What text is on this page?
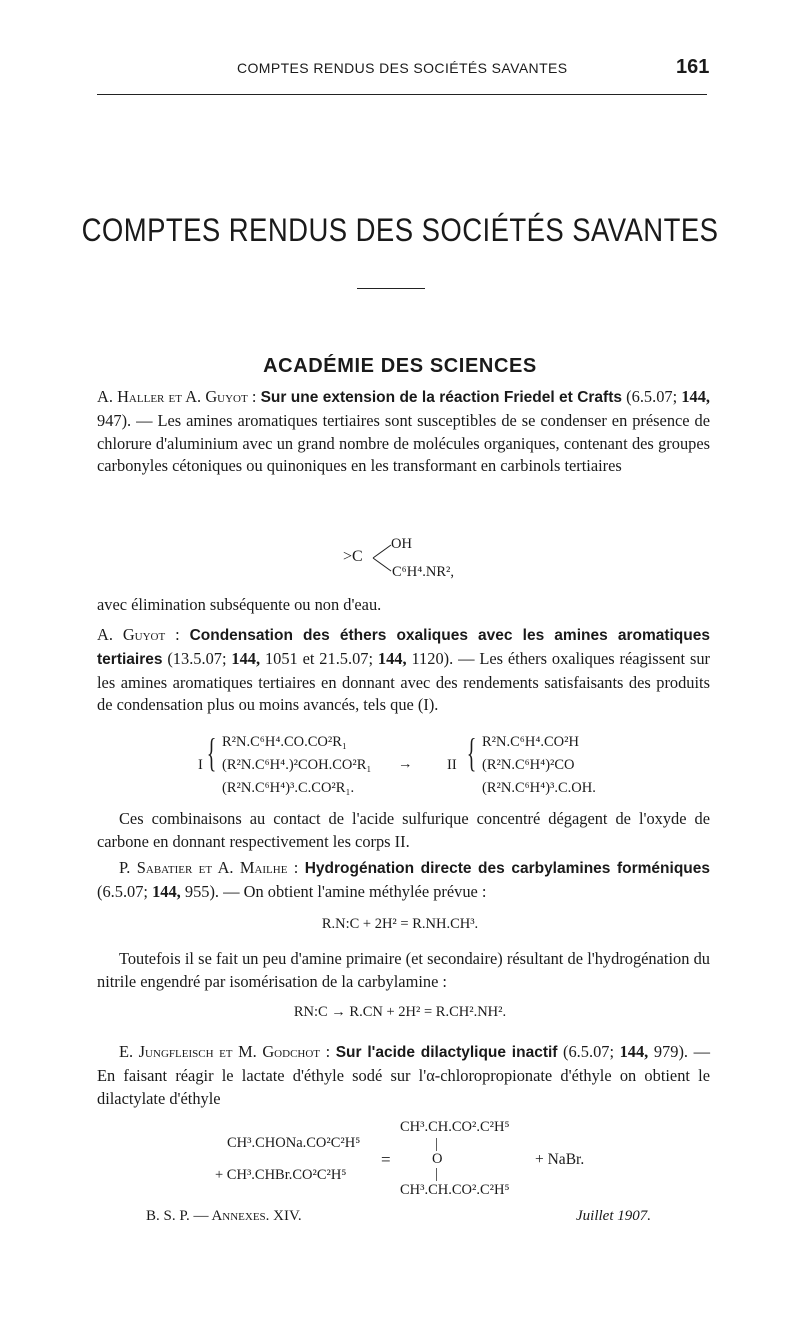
COMPTES RENDUS DES SOCIÉTÉS SAVANTES	161
COMPTES RENDUS DES SOCIÉTÉS SAVANTES
ACADÉMIE DES SCIENCES
A. Haller et A. Guyot : Sur une extension de la réaction Friedel et Crafts (6.5.07; 144, 947). — Les amines aromatiques tertiaires sont susceptibles de se condenser en présence de chlorure d'aluminium avec un grand nombre de molécules organiques, contenant des groupes carbonyles cétoniques ou quinoniques en les transformant en carbinols tertiaires
OH
>C
C⁶H⁴.NR²,
avec élimination subséquente ou non d'eau.
A. Guyot : Condensation des éthers oxaliques avec les amines aromatiques tertiaires (13.5.07; 144, 1051 et 21.5.07; 144, 1120). — Les éthers oxaliques réagissent sur les amines aromatiques tertiaires en donnant avec des rendements satisfaisants des produits de condensation plus ou moins avancés, tels que (I).
I { R²N.C⁶H⁴.CO.CO²R₁
(R²N.C⁶H⁴.)²COH.CO²R₁
(R²N.C⁶H⁴)³.C.CO²R₁.
→ II { R²N.C⁶H⁴.CO²H
(R²N.C⁶H⁴)²CO
(R²N.C⁶H⁴)³.C.OH.
Ces combinaisons au contact de l'acide sulfurique concentré dégagent de l'oxyde de carbone en donnant respectivement les corps II.
P. Sabatier et A. Mailhe : Hydrogénation directe des carbylamines forméniques (6.5.07; 144, 955). — On obtient l'amine méthylée prévue :
R.N:C + 2H² = R.NH.CH³.
Toutefois il se fait un peu d'amine primaire (et secondaire) résultant de l'hydrogénation du nitrile engendré par isomérisation de la carbylamine :
RN:C → R.CN + 2H² = R.CH².NH².
E. Jungfleisch et M. Godchot : Sur l'acide dilactylique inactif (6.5.07; 144, 979). — En faisant réagir le lactate d'éthyle sodé sur l'α-chloropropionate d'éthyle on obtient le dilactylate d'éthyle
CH³.CHONa.CO²C²H⁵
+ CH³.CHBr.CO²C²H⁵
=
CH³.CH.CO².C²H⁵
|
O
|
CH³.CH.CO².C²H⁵
+ NaBr.
B. S. P. — Annexes. XIV.	Juillet 1907.
